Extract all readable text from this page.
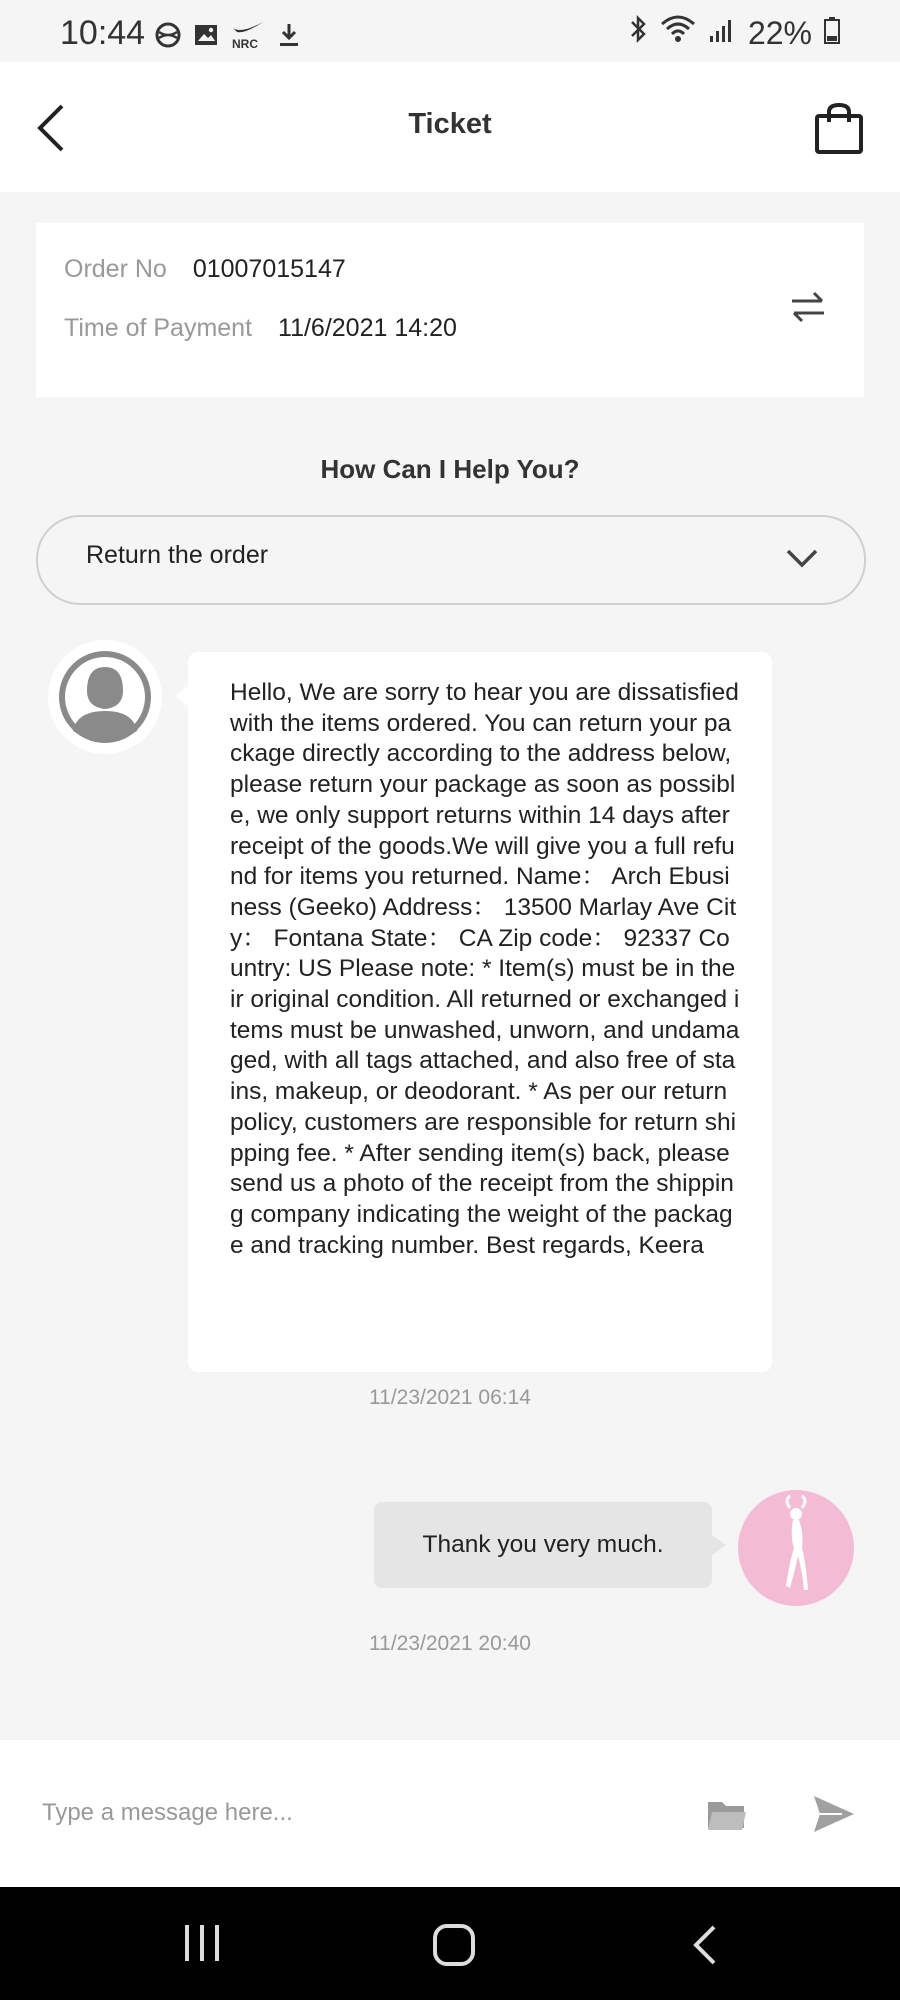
10:44	NRC	22%
Ticket
Order No 01007015147
Time of Payment 11/6/2021 14:20
How Can I Help You?
Return the order
Hello, We are sorry to hear you are dissatisfied with the items ordered. You can return your package directly according to the address below, please return your package as soon as possible, we only support returns within 14 days after receipt of the goods.We will give you a full refund for items you returned. Name： Arch Ebusiness (Geeko) Address： 13500 Marlay Ave City： Fontana State： CA Zip code： 92337 Country: US Please note: * Item(s) must be in their original condition. All returned or exchanged items must be unwashed, unworn, and undamaged, with all tags attached, and also free of stains, makeup, or deodorant. * As per our return policy, customers are responsible for return shipping fee. * After sending item(s) back, please send us a photo of the receipt from the shipping company indicating the weight of the package and tracking number. Best regards, Keera
11/23/2021 06:14
Thank you very much.
11/23/2021 20:40
Type a message here...
